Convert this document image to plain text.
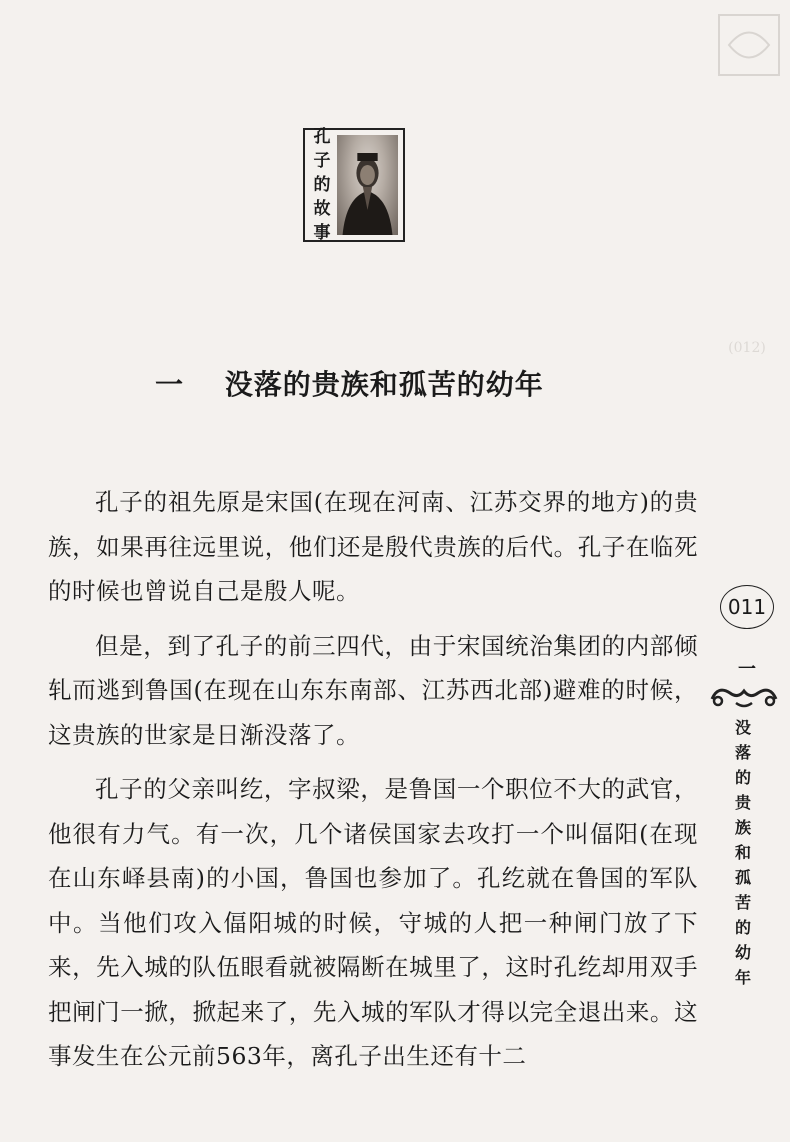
(012)
孔
子
的
故
事
一 没落的贵族和孤苦的幼年

孔子的祖先原是宋国(在现在河南、江苏交界的地方)的贵族，如果再往远里说，他们还是殷代贵族的后代。孔子在临死的时候也曾说自己是殷人呢。

但是，到了孔子的前三四代，由于宋国统治集团的内部倾轧而逃到鲁国(在现在山东东南部、江苏西北部)避难的时候，这贵族的世家是日渐没落了。

孔子的父亲叫纥，字叔梁，是鲁国一个职位不大的武官，他很有力气。有一次，几个诸侯国家去攻打一个叫偪阳(在现在山东峄县南)的小国，鲁国也参加了。孔纥就在鲁国的军队中。当他们攻入偪阳城的时候，守城的人把一种闸门放了下来，先入城的队伍眼看就被隔断在城里了，这时孔纥却用双手把闸门一掀，掀起来了，先入城的军队才得以完全退出来。这事发生在公元前563年，离孔子出生还有十二

011
一
没
落
的
贵
族
和
孤
苦
的
幼
年
